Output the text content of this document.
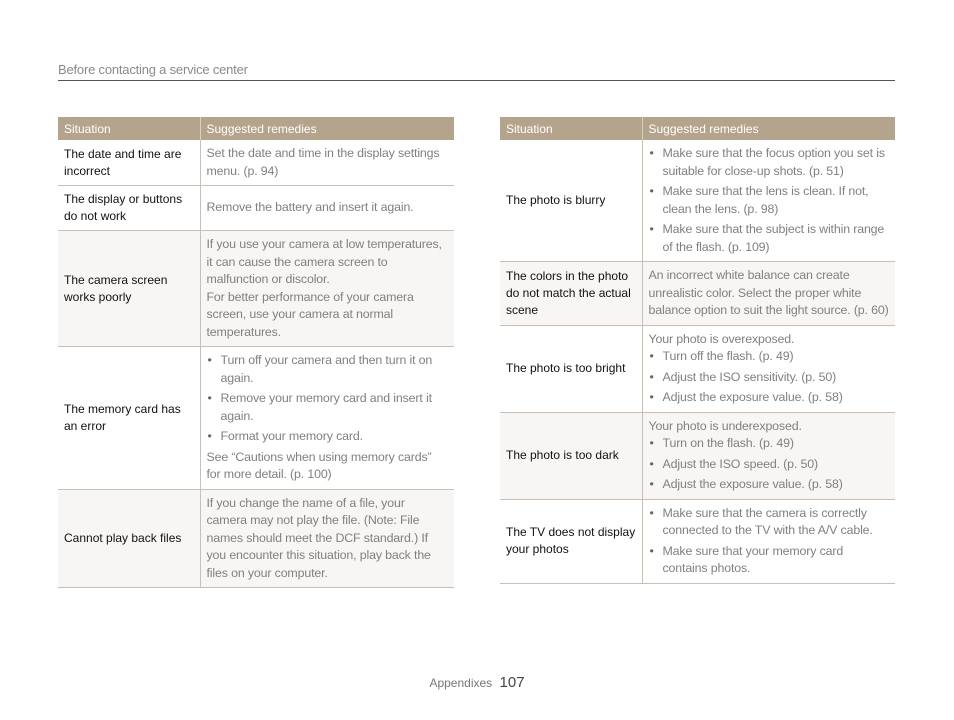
Before contacting a service center
Situation	Suggested remedies
The date and time are incorrect	Set the date and time in the display settings menu. (p. 94)

The display or buttons do not work	Remove the battery and insert it again.

The camera screen works poorly	If you use your camera at low temperatures, it can cause the camera screen to malfunction or discolor.

For better performance of your camera screen, use your camera at normal temperatures.

The memory card has an error	• Turn off your camera and then turn it on again.
• Remove your memory card and insert it again.
• Format your memory card.

See “Cautions when using memory cards” for more detail. (p. 100)

Cannot play back files	If you change the name of a file, your camera may not play the file. (Note: File names should meet the DCF standard.) If you encounter this situation, play back the files on your computer.

Situation	Suggested remedies
The photo is blurry	• Make sure that the focus option you set is suitable for close-up shots. (p. 51)
• Make sure that the lens is clean. If not, clean the lens. (p. 98)
• Make sure that the subject is within range of the flash. (p. 109)

The colors in the photo do not match the actual scene	An incorrect white balance can create unrealistic color. Select the proper white balance option to suit the light source. (p. 60)

The photo is too bright	Your photo is overexposed.

• Turn off the flash. (p. 49)
• Adjust the ISO sensitivity. (p. 50)
• Adjust the exposure value. (p. 58)

The photo is too dark	Your photo is underexposed.

• Turn on the flash. (p. 49)
• Adjust the ISO speed. (p. 50)
• Adjust the exposure value. (p. 58)

The TV does not display your photos	• Make sure that the camera is correctly connected to the TV with the A/V cable.
• Make sure that your memory card contains photos.
Appendixes 107
